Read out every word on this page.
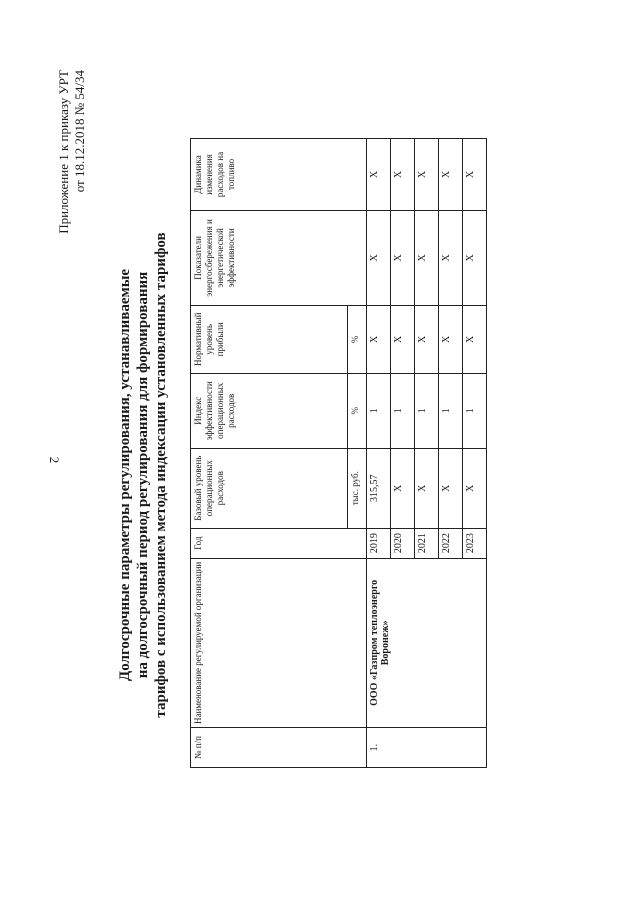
2
Приложение 1 к приказу УРТ от 18.12.2018 № 54/34
Долгосрочные параметры регулирования, устанавливаемые на долгосрочный период регулирования для формирования тарифов с использованием метода индексации установленных тарифов
№ п/п	Наименование регулируемой организации	Год	Базовый уровень операционных расходов	Индекс эффективности операционных расходов	Нормативный уровень прибыли	Показатели энергосбережения и энергетической эффективности	Динамика изменения расходов на топливо
			тыс. руб.	%	%		
1.	ООО «Газпром теплоэнерго Воронеж»	2019	315,57	1	X	X	X
		2020	X	1	X	X	X
		2021	X	1	X	X	X
		2022	X	1	X	X	X
		2023	X	1	X	X	X
